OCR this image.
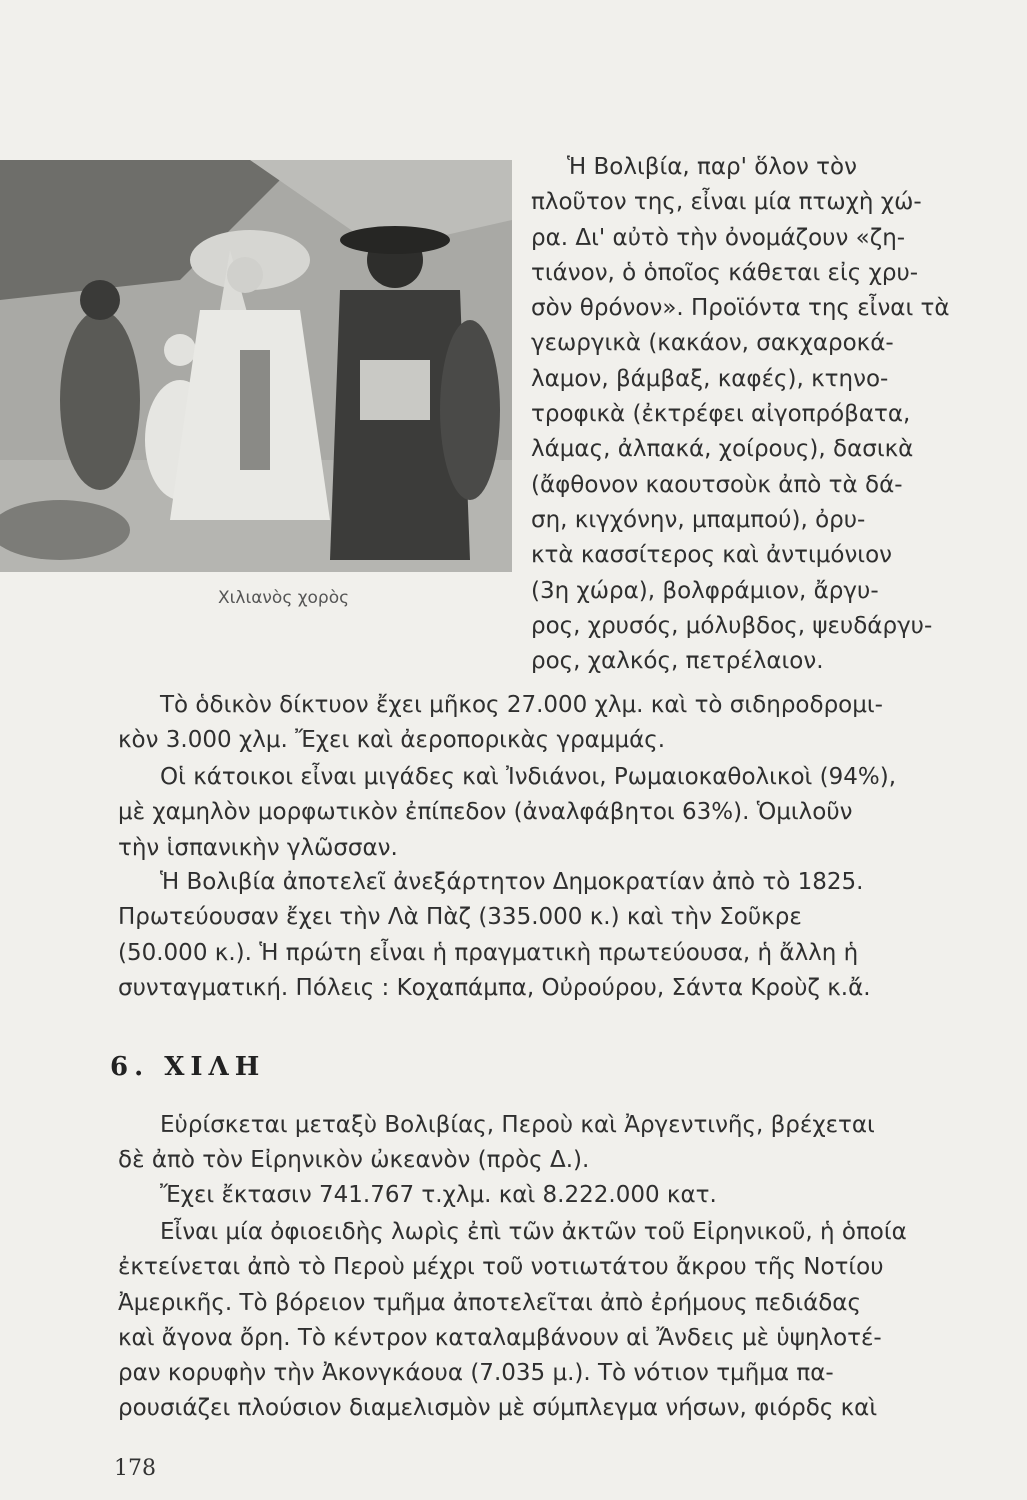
Χιλιανὸς χορὸς

Ἡ Βολιβία, παρ' ὅλον τὸν
πλοῦτον της, εἶναι μία πτωχὴ χώ-
ρα. Δι' αὐτὸ τὴν ὀνομάζουν «ζη-
τιάνον, ὁ ὁποῖος κάθεται εἰς χρυ-
σὸν θρόνον». Προϊόντα της εἶναι τὰ
γεωργικὰ (κακάον, σακχαροκά-
λαμον, βάμβαξ, καφές), κτηνο-
τροφικὰ (ἐκτρέφει αἰγοπρόβατα,
λάμας, ἀλπακά, χοίρους), δασικὰ
(ἄφθονον καουτσοὺκ ἀπὸ τὰ δά-
ση, κιγχόνην, μπαμπού), ὀρυ-
κτὰ κασσίτερος καὶ ἀντιμόνιον
(3η χώρα), βολφράμιον, ἄργυ-
ρος, χρυσός, μόλυβδος, ψευδάργυ-
ρος, χαλκός, πετρέλαιον.

Τὸ ὁδικὸν δίκτυον ἔχει μῆκος 27.000 χλμ. καὶ τὸ σιδηροδρομι-
κὸν 3.000 χλμ. Ἔχει καὶ ἀεροπορικὰς γραμμάς.

Οἱ κάτοικοι εἶναι μιγάδες καὶ Ἰνδιάνοι, Ρωμαιοκαθολικοὶ (94%),
μὲ χαμηλὸν μορφωτικὸν ἐπίπεδον (ἀναλφάβητοι 63%). Ὁμιλοῦν
τὴν ἱσπανικὴν γλῶσσαν.

Ἡ Βολιβία ἀποτελεῖ ἀνεξάρτητον Δημοκρατίαν ἀπὸ τὸ 1825.
Πρωτεύουσαν ἔχει τὴν Λὰ Πὰζ (335.000 κ.) καὶ τὴν Σοῦκρε
(50.000 κ.). Ἡ πρώτη εἶναι ἡ πραγματικὴ πρωτεύουσα, ἡ ἄλλη ἡ
συνταγματική. Πόλεις : Κοχαπάμπα, Οὐρούρου, Σάντα Κροὺζ κ.ἄ.

6. ΧΙΛΗ

Εὑρίσκεται μεταξὺ Βολιβίας, Περοὺ καὶ Ἀργεντινῆς, βρέχεται
δὲ ἀπὸ τὸν Εἰρηνικὸν ὠκεανὸν (πρὸς Δ.).

Ἔχει ἔκτασιν 741.767 τ.χλμ. καὶ 8.222.000 κατ.

Εἶναι μία ὀφιοειδὴς λωρὶς ἐπὶ τῶν ἀκτῶν τοῦ Εἰρηνικοῦ, ἡ ὁποία
ἐκτείνεται ἀπὸ τὸ Περοὺ μέχρι τοῦ νοτιωτάτου ἄκρου τῆς Νοτίου
Ἀμερικῆς. Τὸ βόρειον τμῆμα ἀποτελεῖται ἀπὸ ἐρήμους πεδιάδας
καὶ ἄγονα ὄρη. Τὸ κέντρον καταλαμβάνουν αἱ Ἄνδεις μὲ ὑψηλοτέ-
ραν κορυφὴν τὴν Ἀκονγκάουα (7.035 μ.). Τὸ νότιον τμῆμα πα-
ρουσιάζει πλούσιον διαμελισμὸν μὲ σύμπλεγμα νήσων, φιόρδς καὶ

178
